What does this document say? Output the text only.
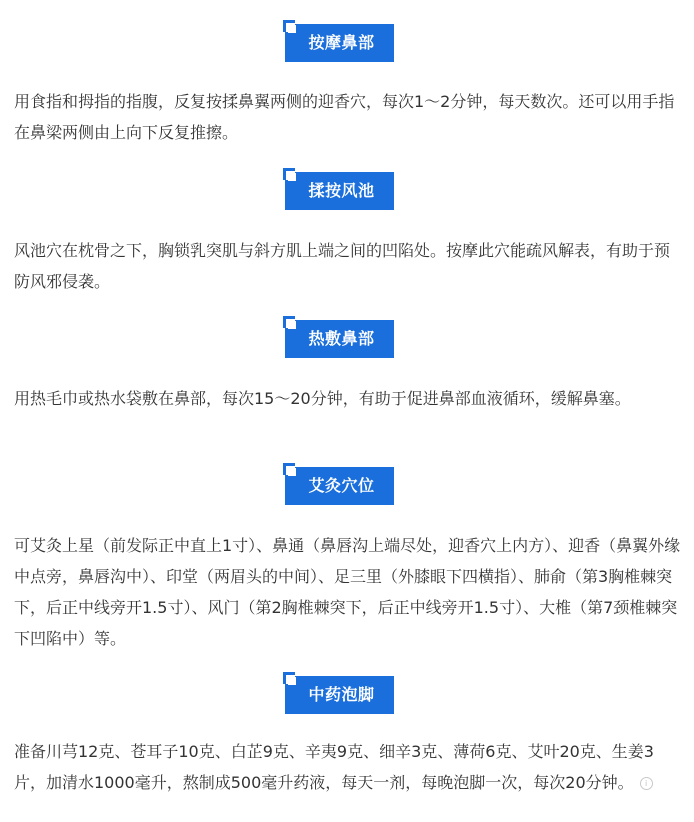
按摩鼻部

用食指和拇指的指腹，反复按揉鼻翼两侧的迎香穴，每次1～2分钟，每天数次。还可以用手指在鼻梁两侧由上向下反复推擦。

揉按风池

风池穴在枕骨之下，胸锁乳突肌与斜方肌上端之间的凹陷处。按摩此穴能疏风解表，有助于预防风邪侵袭。

热敷鼻部

用热毛巾或热水袋敷在鼻部，每次15～20分钟，有助于促进鼻部血液循环，缓解鼻塞。

艾灸穴位

可艾灸上星（前发际正中直上1寸）、鼻通（鼻唇沟上端尽处，迎香穴上内方）、迎香（鼻翼外缘中点旁，鼻唇沟中）、印堂（两眉头的中间）、足三里（外膝眼下四横指）、肺俞（第3胸椎棘突下，后正中线旁开1.5寸）、风门（第2胸椎棘突下，后正中线旁开1.5寸）、大椎（第7颈椎棘突下凹陷中）等。

中药泡脚

准备川芎12克、苍耳子10克、白芷9克、辛夷9克、细辛3克、薄荷6克、艾叶20克、生姜3片，加清水1000毫升，熬制成500毫升药液，每天一剂，每晚泡脚一次，每次20分钟。 i
